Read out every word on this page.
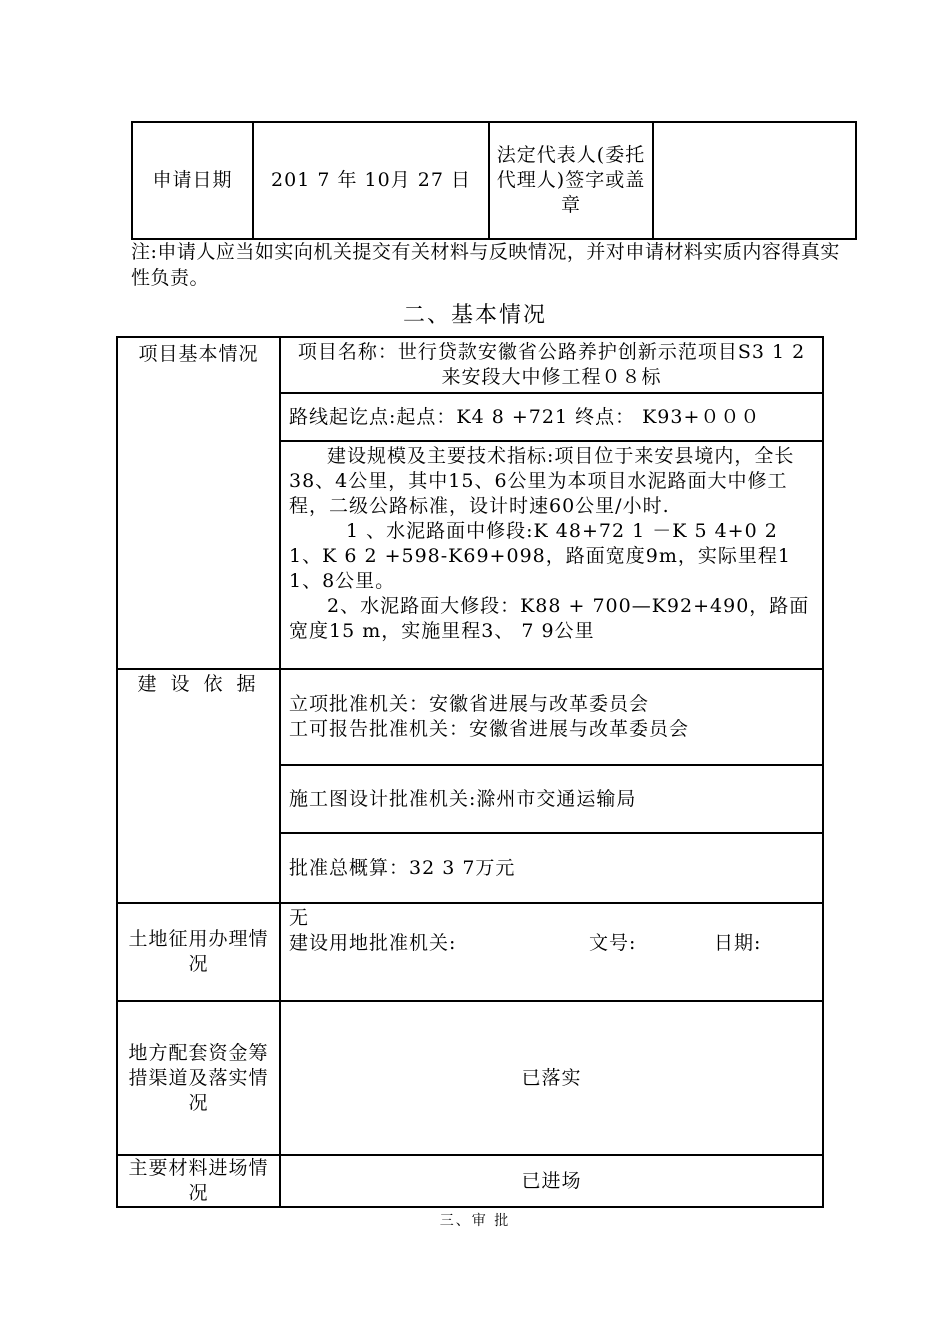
申请日期	201 7 年 10月 27 日	法定代表人(委托代理人)签字或盖章	
注:申请人应当如实向机关提交有关材料与反映情况，并对申请材料实质内容得真实性负责。
二、基本情况
项目基本情况	项目名称：世行贷款安徽省公路养护创新示范项目S3 1 2来安段大中修工程０８标
	路线起讫点:起点：K4 8 +721 终点： K93+０００

	建设规模及主要技术指标:项目位于来安县境内，全长38、4公里，其中15、6公里为本项目水泥路面大中修工程，二级公路标准，设计时速60公里/小时.
1 、水泥路面中修段:K 48+72 1 －K 5 4+0 2 1、K 6 2 +598-K69+098，路面宽度9m，实际里程1 1、8公里。
2、水泥路面大修段：K88 + 700—K92+490，路面宽度15 m，实施里程3、 7 9公里

建 设 依 据	立项批准机关：安徽省进展与改革委员会
工可报告批准机关：安徽省进展与改革委员会

	施工图设计批准机关:滁州市交通运输局
	批准总概算：32 3 7万元
土地征用办理情况	无
建设用地批准机关: 文号: 日期:

地方配套资金筹措渠道及落实情况	已落实
主要材料进场情况	已进场
三、审 批
